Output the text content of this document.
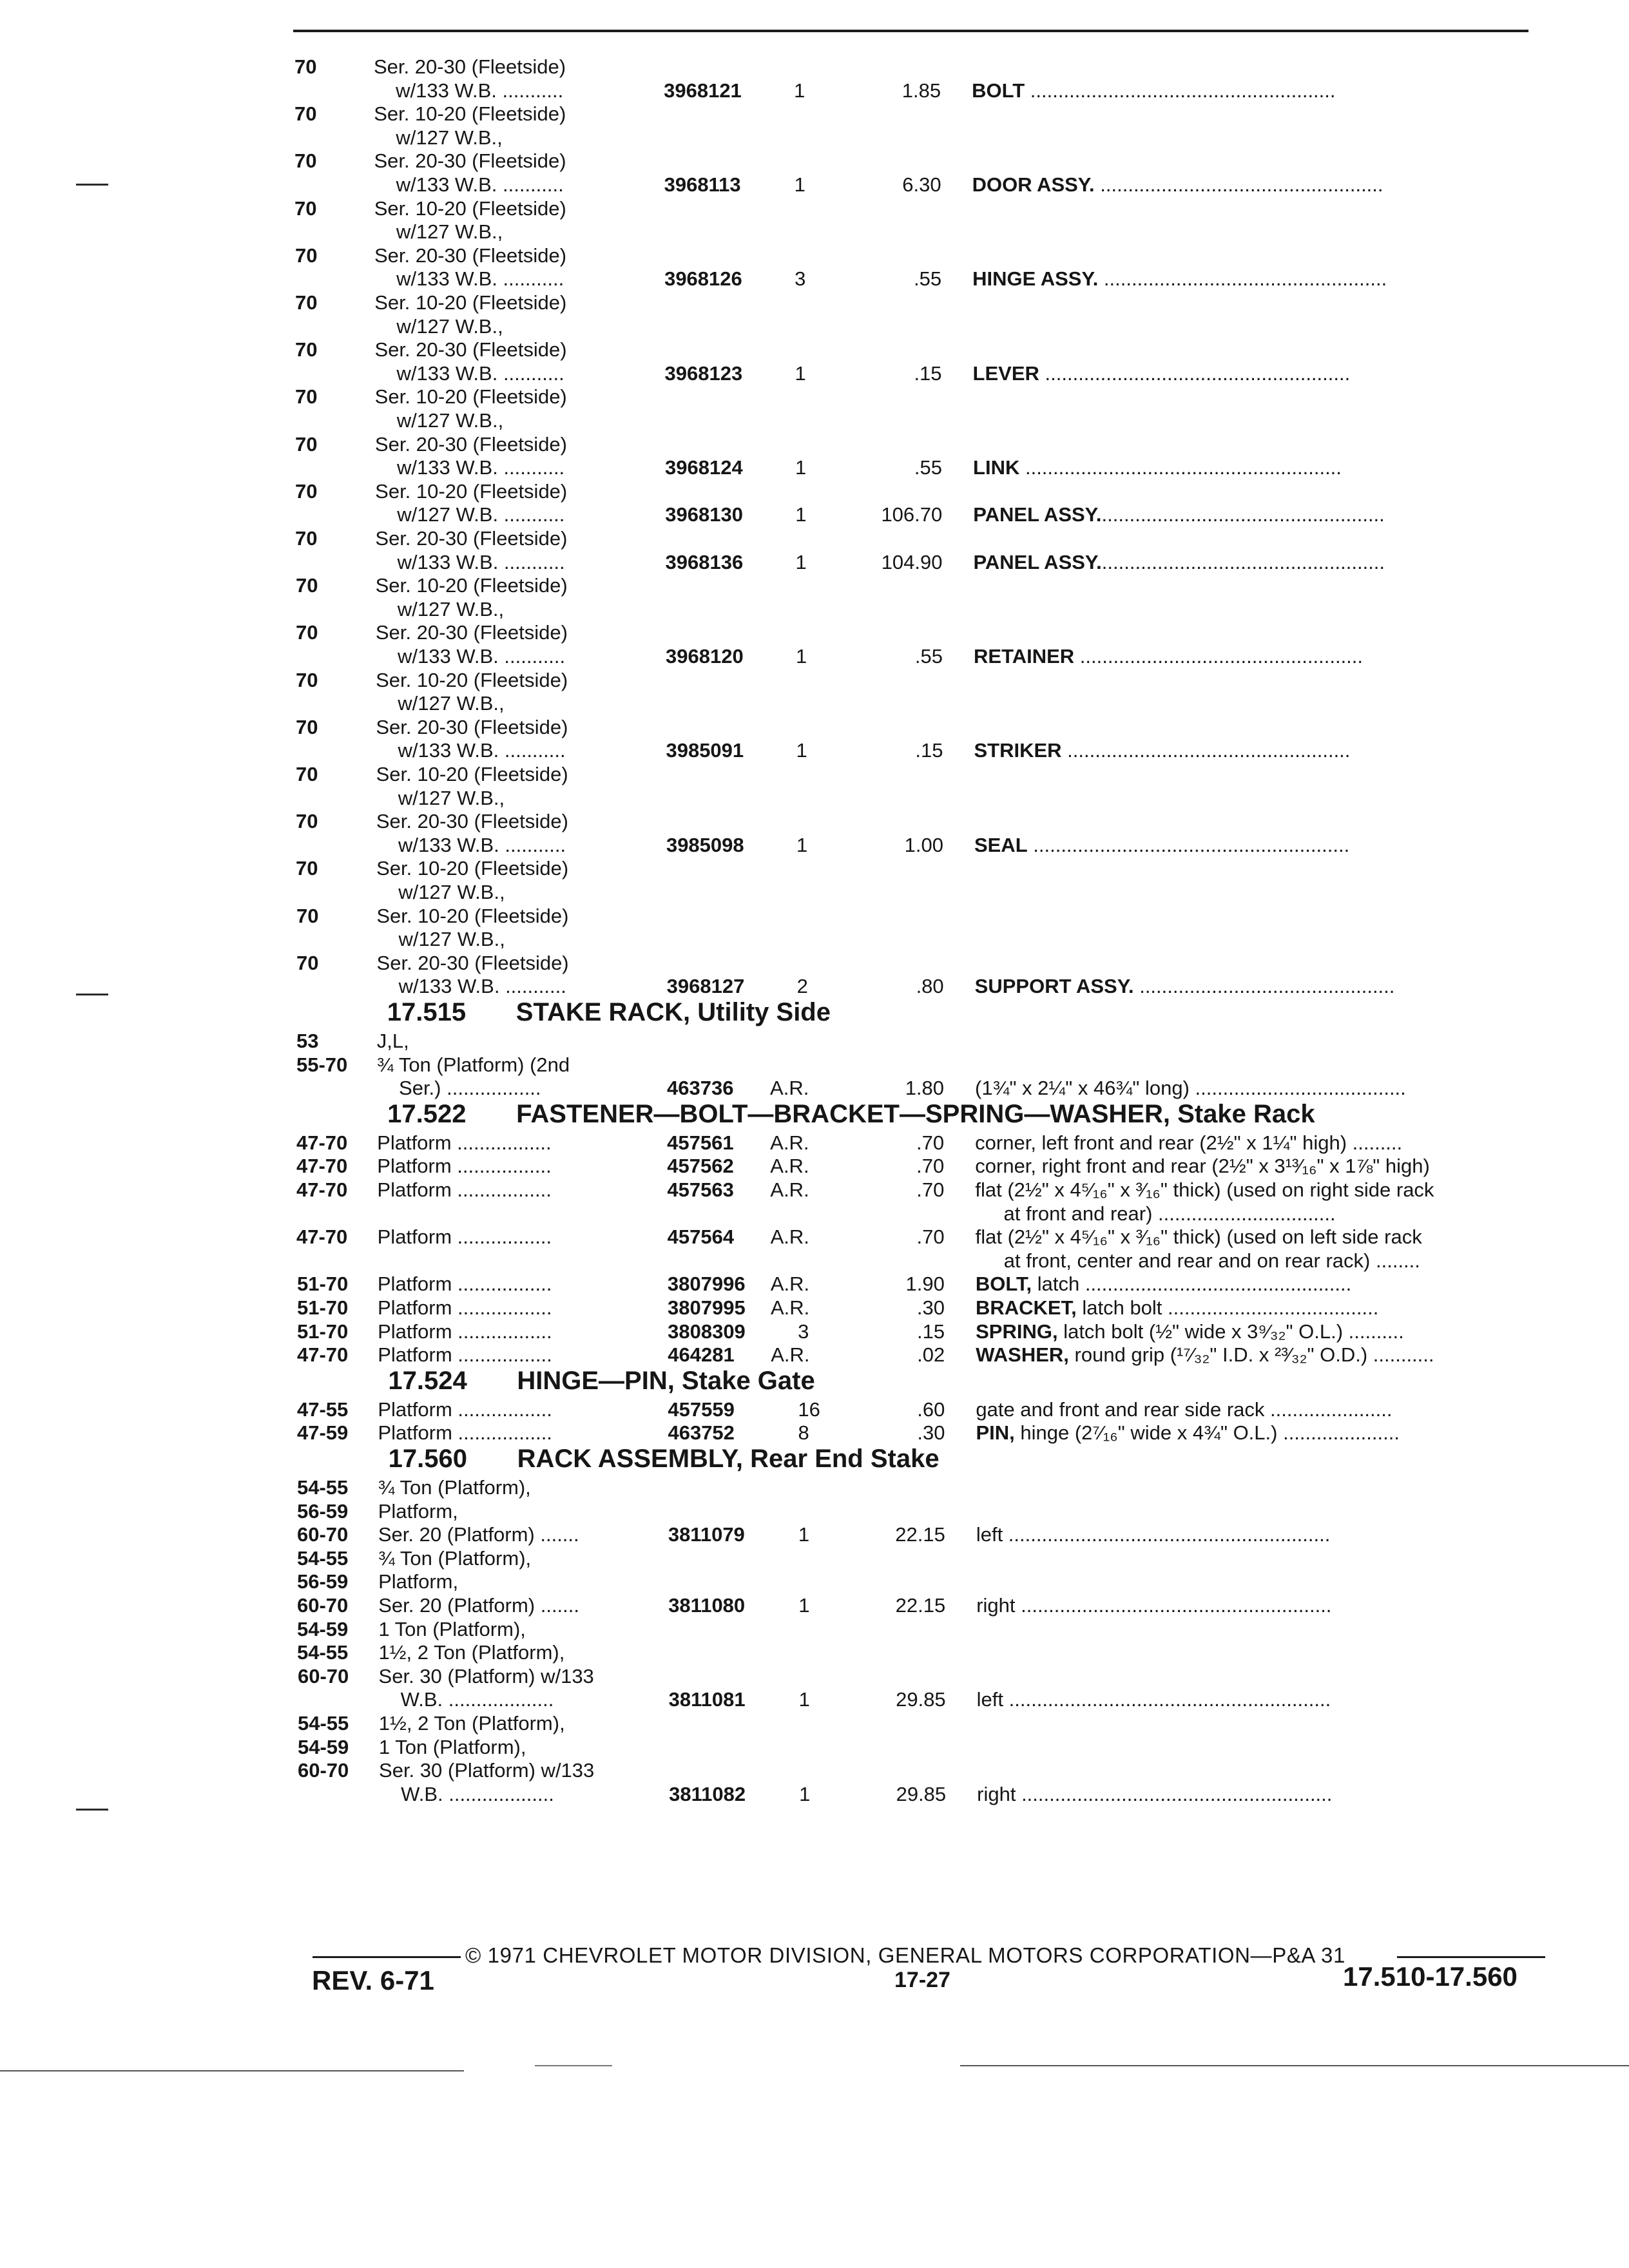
70	Ser. 20-30 (Fleetside)
w/133 W.B. ...........	3968121	1	1.85 BOLT .......................................................
70	Ser. 10-20 (Fleetside)
w/127 W.B.,
70	Ser. 20-30 (Fleetside)
w/133 W.B. ...........	3968113	1	6.30 DOOR ASSY. ...................................................
70	Ser. 10-20 (Fleetside)
w/127 W.B.,
70	Ser. 20-30 (Fleetside)
w/133 W.B. ...........	3968126	3	.55 HINGE ASSY. ...................................................
70	Ser. 10-20 (Fleetside)
w/127 W.B.,
70	Ser. 20-30 (Fleetside)
w/133 W.B. ...........	3968123	1	.15 LEVER .......................................................
70	Ser. 10-20 (Fleetside)
w/127 W.B.,
70	Ser. 20-30 (Fleetside)
w/133 W.B. ...........	3968124	1	.55 LINK .........................................................
70	Ser. 10-20 (Fleetside)
w/127 W.B. ...........	3968130	1	106.70 PANEL ASSY....................................................
70	Ser. 20-30 (Fleetside)
w/133 W.B. ...........	3968136	1	104.90 PANEL ASSY....................................................
70	Ser. 10-20 (Fleetside)
w/127 W.B.,
70	Ser. 20-30 (Fleetside)
w/133 W.B. ...........	3968120	1	.55 RETAINER ...................................................
70	Ser. 10-20 (Fleetside)
w/127 W.B.,
70	Ser. 20-30 (Fleetside)
w/133 W.B. ...........	3985091	1	.15 STRIKER ...................................................
70	Ser. 10-20 (Fleetside)
w/127 W.B.,
70	Ser. 20-30 (Fleetside)
w/133 W.B. ...........	3985098	1	1.00 SEAL .........................................................
70	Ser. 10-20 (Fleetside)
w/127 W.B.,
70	Ser. 10-20 (Fleetside)
w/127 W.B.,
70	Ser. 20-30 (Fleetside)
w/133 W.B. ...........	3968127	2	.80 SUPPORT ASSY. ..............................................
17.515 STAKE RACK, Utility Side
53	J,L,
55-70 ¾ Ton (Platform) (2nd
Ser.) .................	463736 A.R.	1.80 (1¾" x 2¼" x 46¾" long) ......................................
17.522 FASTENER—BOLT—BRACKET—SPRING—WASHER, Stake Rack
47-70 Platform .................	457561 A.R.	.70 corner, left front and rear (2½" x 1¼" high) .........
47-70 Platform .................	457562 A.R.	.70 corner, right front and rear (2½" x 3¹³⁄₁₆" x 1⅞" high)
47-70 Platform .................	457563 A.R.	.70 flat (2½" x 4⁵⁄₁₆" x ³⁄₁₆" thick) (used on right side rack
at front and rear) ................................
47-70 Platform .................	457564 A.R.	.70 flat (2½" x 4⁵⁄₁₆" x ³⁄₁₆" thick) (used on left side rack
at front, center and rear and on rear rack) ........
51-70 Platform .................	3807996 A.R.	1.90 BOLT, latch ................................................
51-70 Platform .................	3807995 A.R.	.30 BRACKET, latch bolt ......................................
51-70 Platform .................	3808309	3	.15 SPRING, latch bolt (½" wide x 3⁹⁄₃₂" O.L.) ..........
47-70 Platform .................	464281 A.R.	.02 WASHER, round grip (¹⁷⁄₃₂" I.D. x ²³⁄₃₂" O.D.) ...........
17.524 HINGE—PIN, Stake Gate
47-55 Platform .................	457559	16	.60 gate and front and rear side rack ......................
47-59 Platform .................	463752	8	.30 PIN, hinge (2⁷⁄₁₆" wide x 4¾" O.L.) .....................
17.560 RACK ASSEMBLY, Rear End Stake
54-55 ¾ Ton (Platform),
56-59 Platform,
60-70 Ser. 20 (Platform) .......	3811079	1	22.15 left ..........................................................
54-55 ¾ Ton (Platform),
56-59 Platform,
60-70 Ser. 20 (Platform) .......	3811080	1	22.15 right ........................................................
54-59 1 Ton (Platform),
54-55 1½, 2 Ton (Platform),
60-70 Ser. 30 (Platform) w/133
W.B. ...................	3811081	1	29.85 left ..........................................................
54-55 1½, 2 Ton (Platform),
54-59 1 Ton (Platform),
60-70 Ser. 30 (Platform) w/133
W.B. ...................	3811082	1	29.85 right ........................................................
© 1971 CHEVROLET MOTOR DIVISION, GENERAL MOTORS CORPORATION—P&A 31
REV. 6-71	17-27	17.510-17.560
